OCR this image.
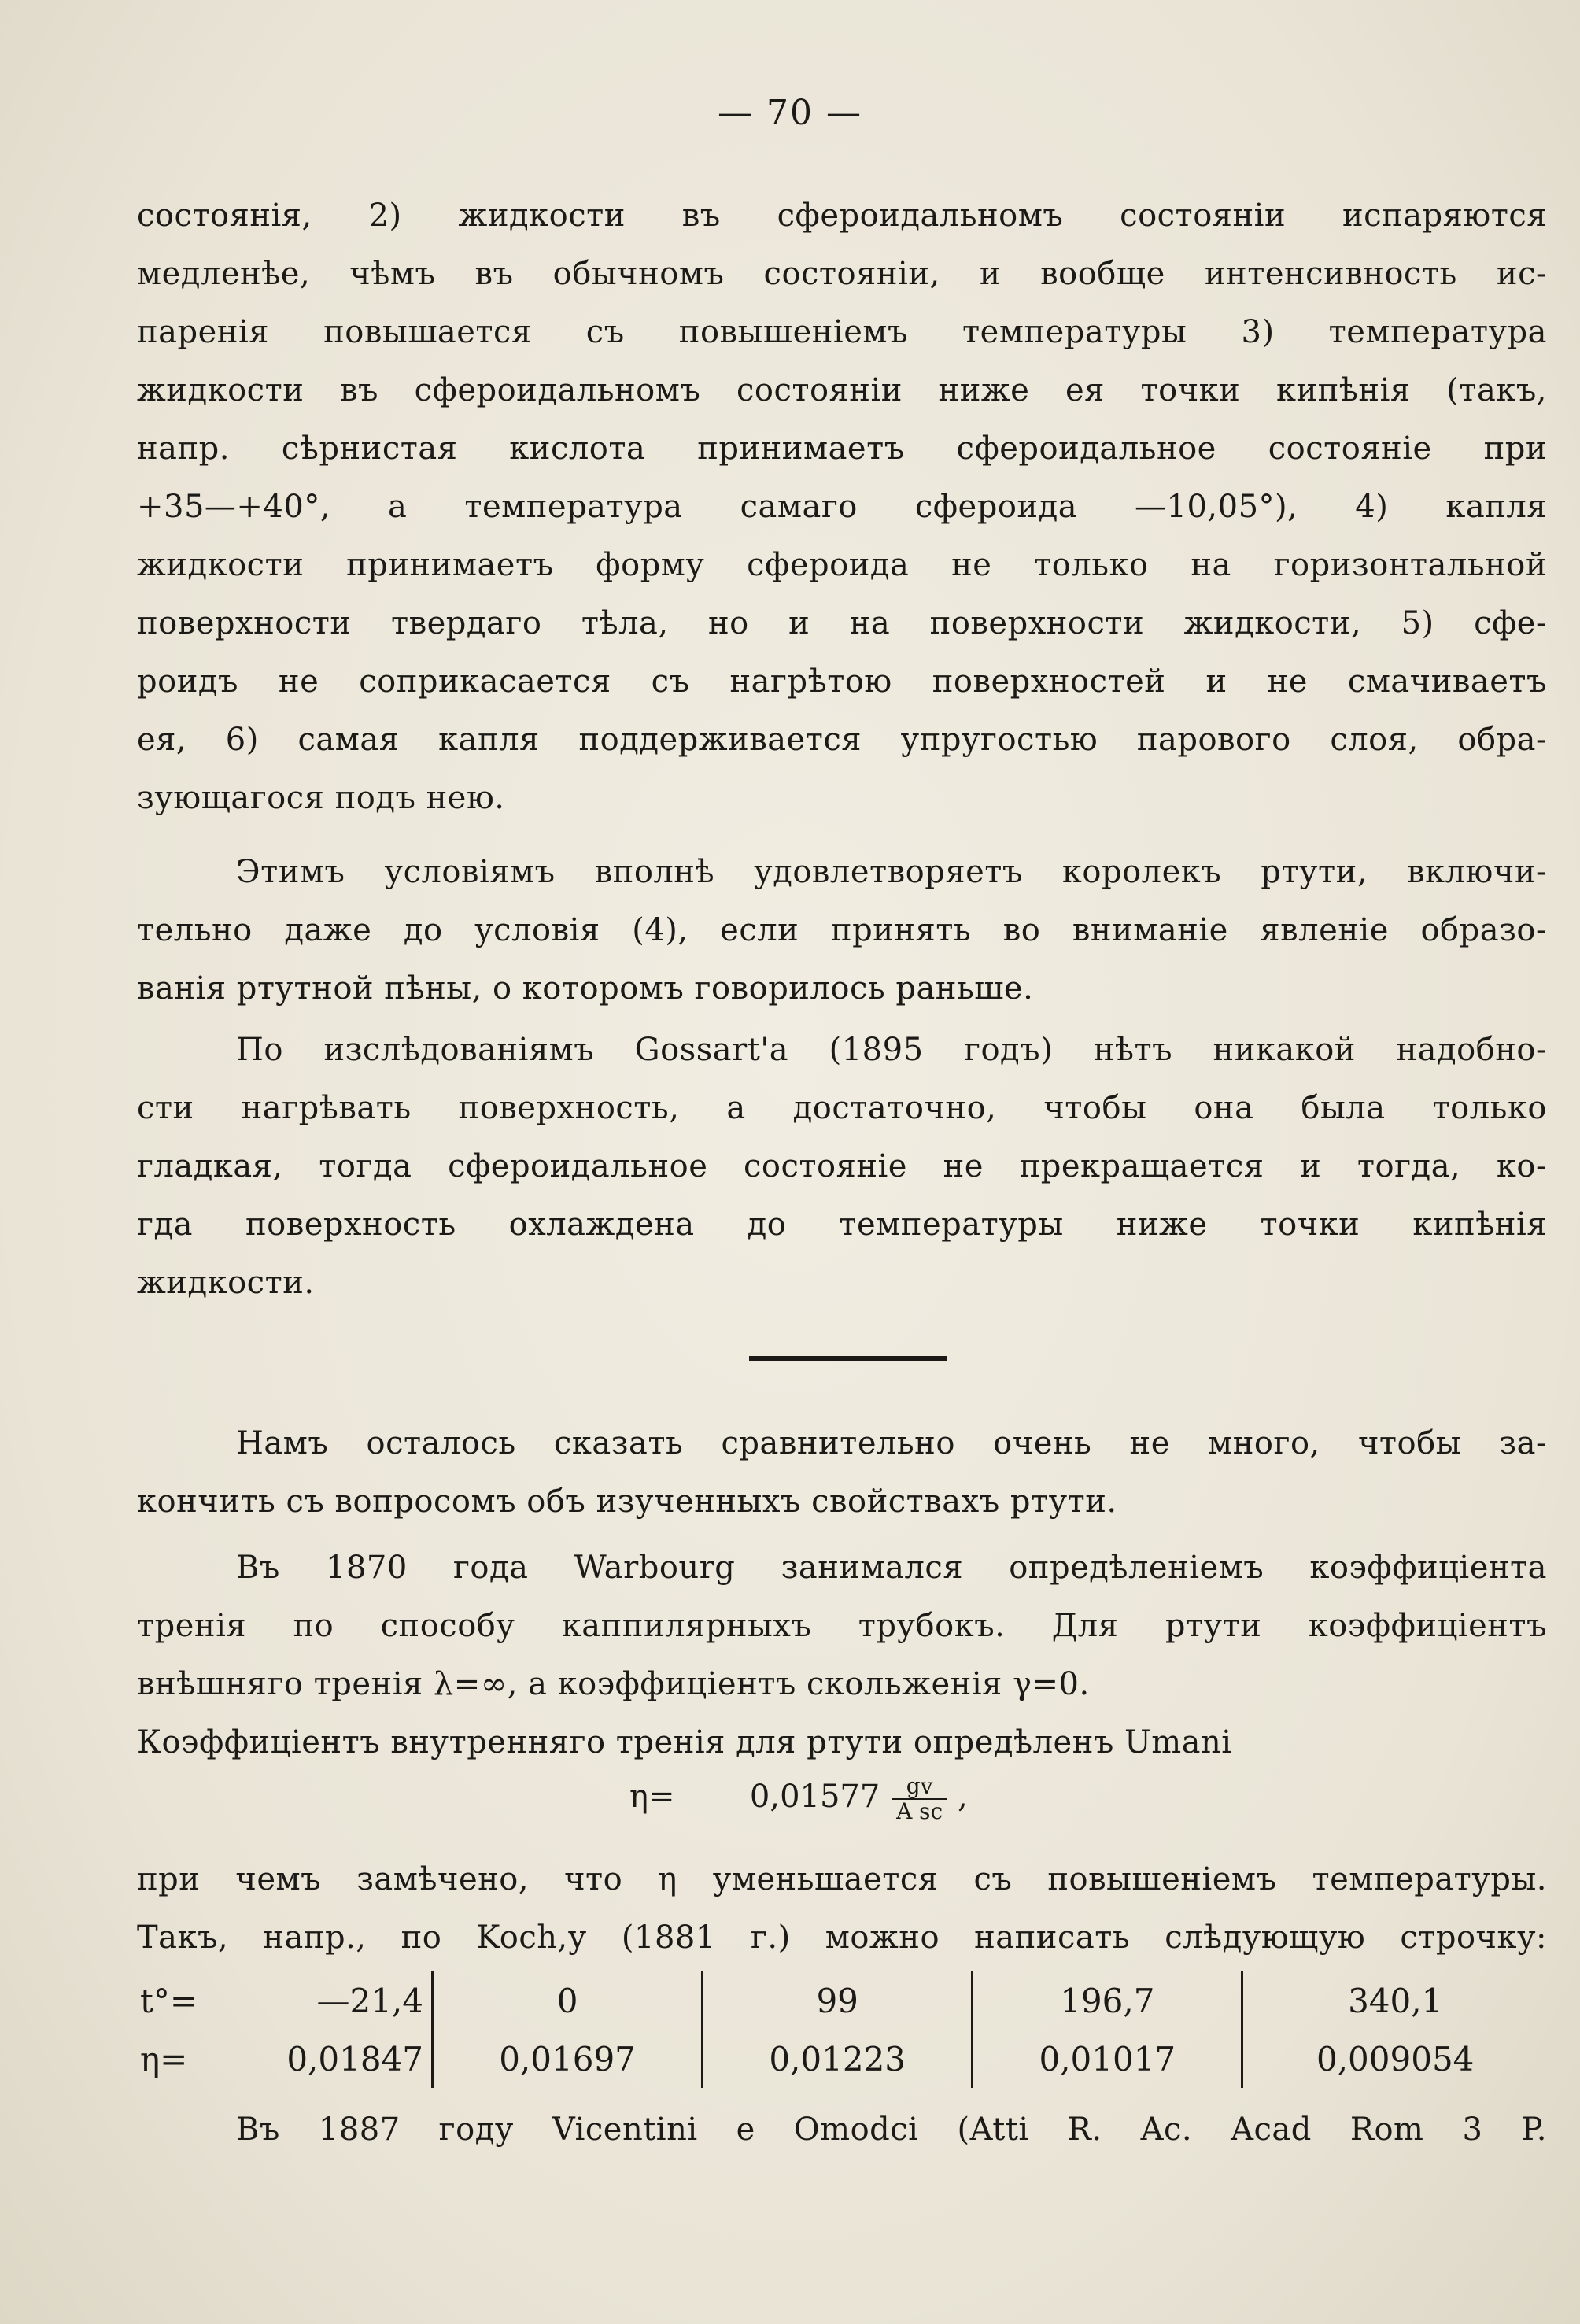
— 70 —
состоянія, 2) жидкости въ сфероидальномъ состояніи испаряются
медленѣе, чѣмъ въ обычномъ состояніи, и вообще интенсивность ис-
паренія повышается съ повышеніемъ температуры 3) температура
жидкости въ сфероидальномъ состояніи ниже ея точки кипѣнія (такъ,
напр. сѣрнистая кислота принимаетъ сфероидальное состояніе при
+35—+40°, а температура самаго сфероида —10,05°), 4) капля
жидкости принимаетъ форму сфероида не только на горизонтальной
поверхности твердаго тѣла, но и на поверхности жидкости, 5) сфе-
роидъ не соприкасается съ нагрѣтою поверхностей и не смачиваетъ
ея, 6) самая капля поддерживается упругостью парового слоя, обра-
зующагося подъ нею.
Этимъ условіямъ вполнѣ удовлетворяетъ королекъ ртути, включи-
тельно даже до условія (4), если принять во вниманіе явленіе образо-
ванія ртутной пѣны, о которомъ говорилось раньше.
По изслѣдованіямъ Gossart'а (1895 годъ) нѣтъ никакой надобно-
сти нагрѣвать поверхность, а достаточно, чтобы она была только
гладкая, тогда сфероидальное состояніе не прекращается и тогда, ко-
гда поверхность охлаждена до температуры ниже точки кипѣнія
жидкости.
Намъ осталось сказать сравнительно очень не много, чтобы за-
кончить съ вопросомъ объ изученныхъ свойствахъ ртути.
Въ 1870 года Warbourg занимался опредѣленіемъ коэффиціента
тренія по способу каппилярныхъ трубокъ. Для ртути коэффиціентъ
внѣшняго тренія λ=∞, а коэффиціентъ скольженія γ=0.
Коэффиціентъ внутренняго тренія для ртути опредѣленъ Umani
$\eta= 0,01577 \frac{gv}{\text{A sc}}$ ,
при чемъ замѣчено, что η уменьшается съ повышеніемъ температуры.
Такъ, напр., по Koch,у (1881 г.) можно написать слѣдующую строчку:
t°=	—21,4	0	99	196,7	340,1
η=	0,01847	0,01697	0,01223	0,01017	0,009054
Въ 1887 году Vicentini e Omodci (Atti R. Ac. Acad Rom 3 P.
